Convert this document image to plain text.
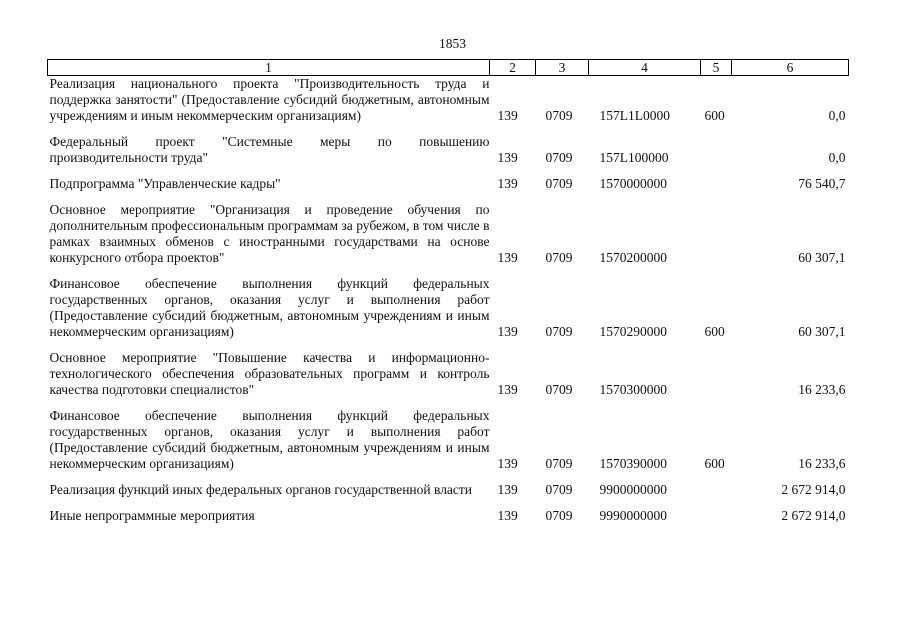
1853
1	2	3	4	5	6
Реализация национального проекта "Производительность труда и поддержка занятости" (Предоставление субсидий бюджетным, автономным учреждениям и иным некоммерческим организациям)	139	0709	157L1L0000	600	0,0

Федеральный проект "Системные меры по повышению производительности труда"	139	0709	157L100000		0,0

Подпрограмма "Управленческие кадры"	139	0709	1570000000		76 540,7

Основное мероприятие "Организация и проведение обучения по дополнительным профессиональным программам за рубежом, в том числе в рамках взаимных обменов с иностранными государствами на основе конкурсного отбора проектов"	139	0709	1570200000		60 307,1

Финансовое обеспечение выполнения функций федеральных государственных органов, оказания услуг и выполнения работ (Предоставление субсидий бюджетным, автономным учреждениям и иным некоммерческим организациям)	139	0709	1570290000	600	60 307,1

Основное мероприятие "Повышение качества и информационно-технологического обеспечения образовательных программ и контроль качества подготовки специалистов"	139	0709	1570300000		16 233,6

Финансовое обеспечение выполнения функций федеральных государственных органов, оказания услуг и выполнения работ (Предоставление субсидий бюджетным, автономным учреждениям и иным некоммерческим организациям)	139	0709	1570390000	600	16 233,6

Реализация функций иных федеральных органов государственной власти	139	0709	9900000000		2 672 914,0

Иные непрограммные мероприятия	139	0709	9990000000		2 672 914,0
